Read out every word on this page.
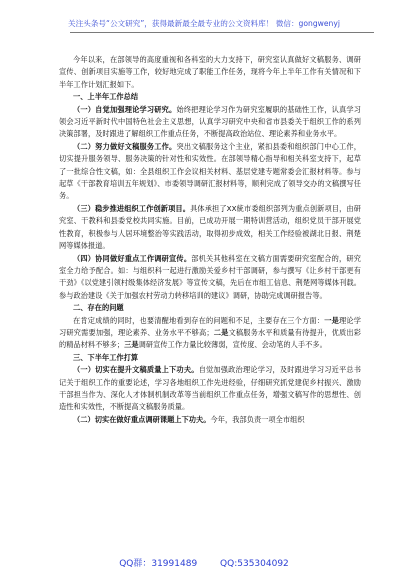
关注头条号“公文研究”，获得最新最全最专业的公文资料库！ 微信：gongwenyj

今年以来，在部领导的高度重视和各科室的大力支持下，研究室认真做好文稿服务、调研宣传、创新项目实施等工作，较好地完成了职能工作任务，现将今年上半年工作有关情况和下半年工作计划汇报如下。

一、上半年工作总结

（一）自觉加强理论学习研究。始终把理论学习作为研究室履职的基础性工作，认真学习领会习近平新时代中国特色社会主义思想，认真学习研究中央和省市县委关于组织工作的系列决策部署，及时跟进了解组织工作重点任务，不断提高政治站位、理论素养和业务水平。

（二）努力做好文稿服务工作。突出文稿服务这个主业，紧扣县委和组织部门中心工作，切实提升服务领导、服务决策的针对性和实效性。在部领导精心指导和相关科室支持下，起草了一批综合性文稿，如：全县组织工作会议相关材料、基层党建专题常委会汇报材料等。参与起草《干部教育培训五年规划》、市委领导调研汇报材料等，顺利完成了领导交办的文稿撰写任务。

（三）稳步推进组织工作创新项目。具体承担了XX統市委组织部列为重点创新项目，由研究室、干教科和县委党校共同实施。目前，已成功开展一期特训营活动，组织党员干部开展党性教育，积极参与人居环境整治等实践活动，取得初步成效，相关工作经验被湖北日报、荆楚网等媒体报道。

（四）协同做好重点工作调研宣传。部机关其他科室在文稿方面需要研究室配合的，研究室全力给予配合。如：与组织科一起进行激励关爱乡村干部调研，参与撰写《让乡村干部更有干劲》《以党建引领村级集体经济发展》等宣传文稿，先后在市组工信息、荆楚网等媒体刊载。参与政治建设《关于加强农村劳动力转移培训的建议》调研，协助完成调研报告等。

二、存在的问题

在肯定成绩的同时，也要清醒地看到存在的问题和不足，主要存在三个方面：一是理论学习研究需要加强，理论素养、业务水平不够高；二是文稿服务水平和质量有待提升，优质出彩的精品材料不够多；三是调研宣传工作力量比较薄弱，宣传度、会动笔的人手不多。

三、下半年工作打算

（一）切实在提升文稿质量上下功夫。自觉加强政治理论学习，及时跟进学习习近平总书记关于组织工作的重要论述，学习各地组织工作先进经验，仔细研究抓党建促乡村振兴、激励干部担当作为、深化人才体制机制改革等当前组织工作重点任务，增强文稿写作的思想性、创造性和实效性，不断提高文稿服务质量。

（二）切实在做好重点调研课题上下功夫。今年，我部负责一项全市组织

QQ群：31991489	QQ:535304092
